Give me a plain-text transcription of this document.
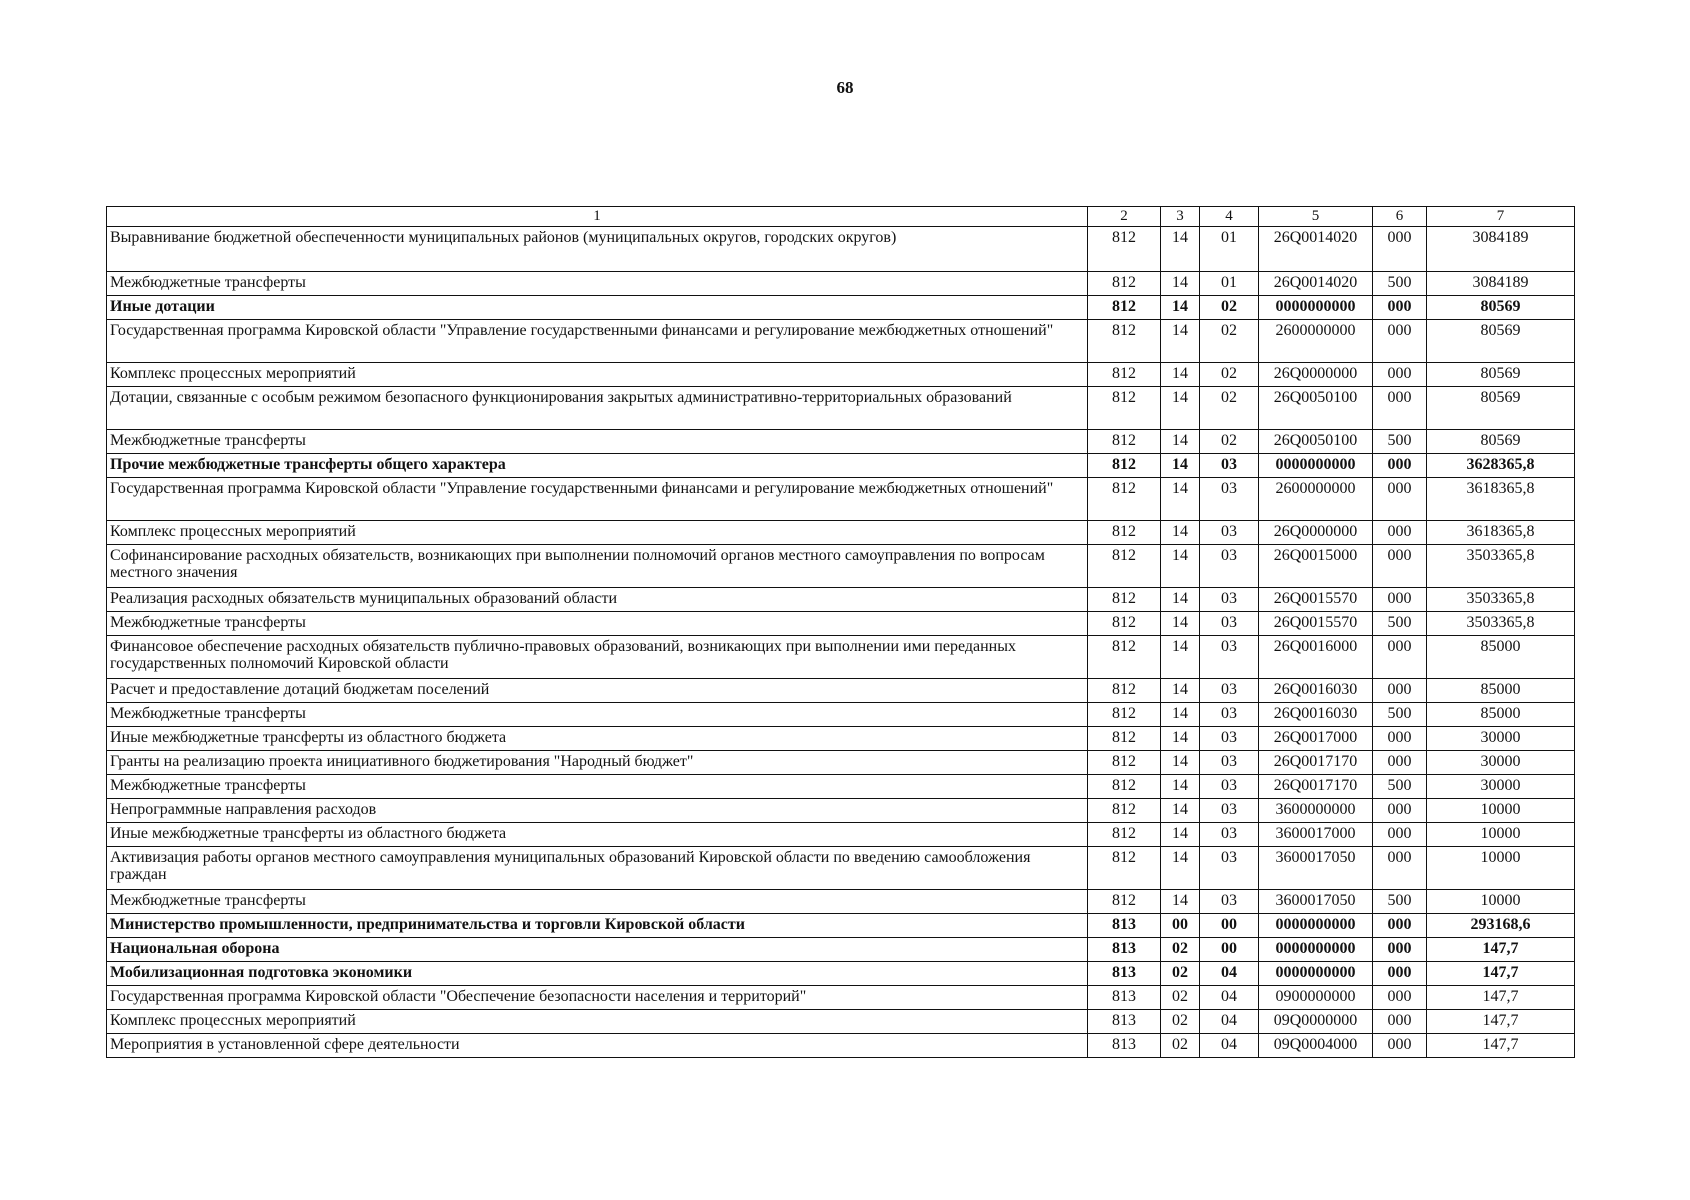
68
1	2	3	4	5	6	7
Выравнивание бюджетной обеспеченности муниципальных районов (муниципальных округов, городских округов)	812	14	01	26Q0014020	000	3084189
Межбюджетные трансферты	812	14	01	26Q0014020	500	3084189
Иные дотации	812	14	02	0000000000	000	80569
Государственная программа Кировской области "Управление государственными финансами и регулирование межбюджетных отношений"	812	14	02	2600000000	000	80569
Комплекс процессных мероприятий	812	14	02	26Q0000000	000	80569
Дотации, связанные с особым режимом безопасного функционирования закрытых административно-территориальных образований	812	14	02	26Q0050100	000	80569
Межбюджетные трансферты	812	14	02	26Q0050100	500	80569
Прочие межбюджетные трансферты общего характера	812	14	03	0000000000	000	3628365,8
Государственная программа Кировской области "Управление государственными финансами и регулирование межбюджетных отношений"	812	14	03	2600000000	000	3618365,8
Комплекс процессных мероприятий	812	14	03	26Q0000000	000	3618365,8
Софинансирование расходных обязательств, возникающих при выполнении полномочий органов местного самоуправления по вопросам местного значения	812	14	03	26Q0015000	000	3503365,8
Реализация расходных обязательств муниципальных образований области	812	14	03	26Q0015570	000	3503365,8
Межбюджетные трансферты	812	14	03	26Q0015570	500	3503365,8
Финансовое обеспечение расходных обязательств публично-правовых образований, возникающих при выполнении ими переданных государственных полномочий Кировской области	812	14	03	26Q0016000	000	85000
Расчет и предоставление дотаций бюджетам поселений	812	14	03	26Q0016030	000	85000
Межбюджетные трансферты	812	14	03	26Q0016030	500	85000
Иные межбюджетные трансферты из областного бюджета	812	14	03	26Q0017000	000	30000
Гранты на реализацию проекта инициативного бюджетирования "Народный бюджет"	812	14	03	26Q0017170	000	30000
Межбюджетные трансферты	812	14	03	26Q0017170	500	30000
Непрограммные направления расходов	812	14	03	3600000000	000	10000
Иные межбюджетные трансферты из областного бюджета	812	14	03	3600017000	000	10000
Активизация работы органов местного самоуправления муниципальных образований Кировской области по введению самообложения граждан	812	14	03	3600017050	000	10000
Межбюджетные трансферты	812	14	03	3600017050	500	10000
Министерство промышленности, предпринимательства и торговли Кировской области	813	00	00	0000000000	000	293168,6
Национальная оборона	813	02	00	0000000000	000	147,7
Мобилизационная подготовка экономики	813	02	04	0000000000	000	147,7
Государственная программа Кировской области "Обеспечение безопасности населения и территорий"	813	02	04	0900000000	000	147,7
Комплекс процессных мероприятий	813	02	04	09Q0000000	000	147,7
Мероприятия в установленной сфере деятельности	813	02	04	09Q0004000	000	147,7
